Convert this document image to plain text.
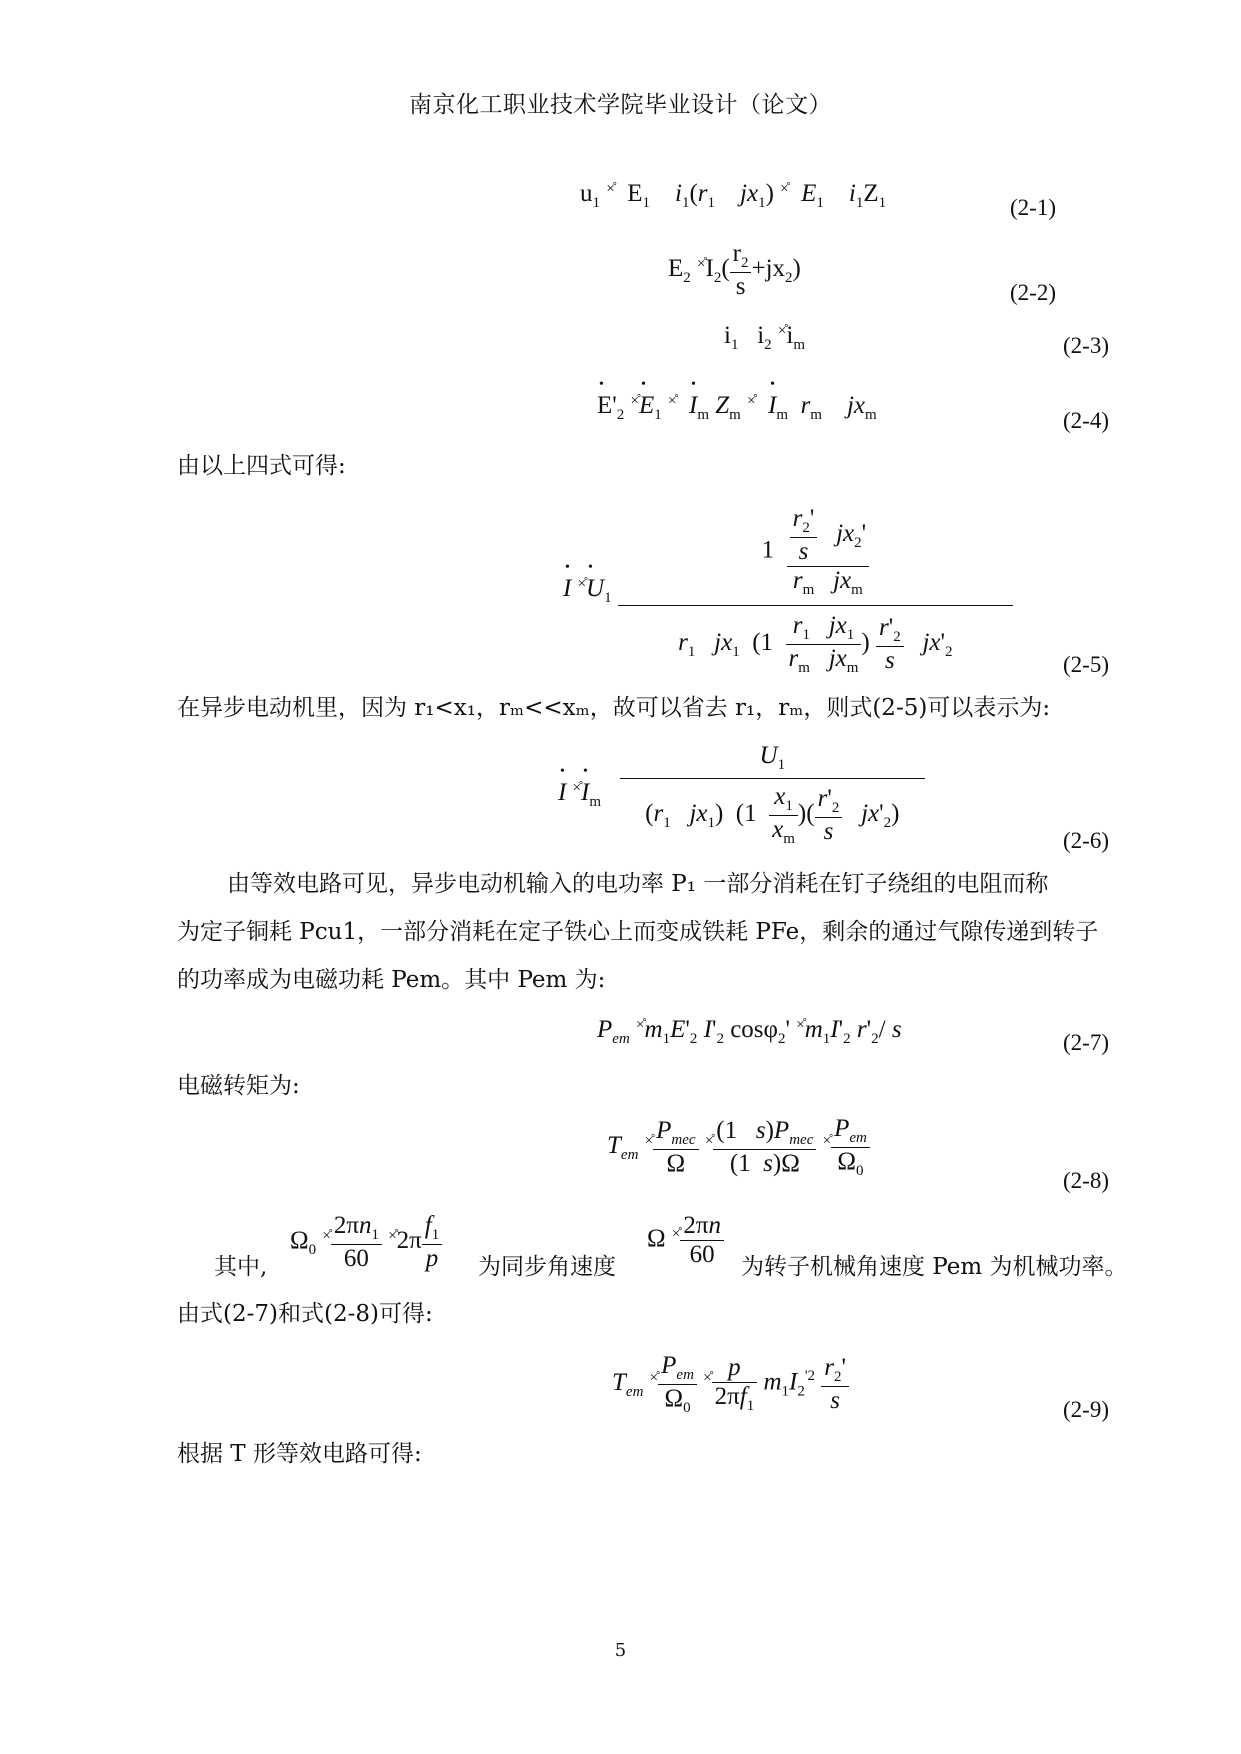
南京化工职业技术学院毕业设计（论文）
$u_1$ ×̊  $E_1$ $i_1(r_1$ $jx_1$) ×̊ $E_1$ $i_1Z_1$	(2-1)
$E_2$ $^{\times̊}I_2( \frac{r_2}{s} +jx_2)$
(2-2)
$i_1$   $i_2$ $^{\times̊}i_m$	(2-3)
• $E'_2$ ×̊• $E_1$ ×̊ • $I_m$ $Z_m$ ×̊ • $I_m$ $r_m$ $jx_m$	(2-4)
由以上四式可得:
• I ×̊• $U_1 \frac{1 \frac{\frac{r_2'}{s} jx_2'}{r_m jx_m}}{r_1 jx_1 (1 \frac{r_1 jx_1}{r_m jx_m} ) \frac{r'_2}{s} jx'_2} (2-5)$
在异步电动机里，因为 r₁<x₁，rₘ<<xₘ，故可以省去 r₁，rₘ，则式(2-5)可以表示为:
• I ×̊• $I_m \frac{U_1}{(r_1 jx_1) (1 \frac{x_1}{x_m} )( \frac{r'_2}{s} jx'_2)}$	(2-6)
由等效电路可见，异步电动机输入的电功率 P₁ 一部分消耗在钉子绕组的电阻而称
为定子铜耗 Pcu1，一部分消耗在定子铁心上而变成铁耗 PFe，剩余的通过气隙传递到转子
的功率成为电磁功耗 Pem。其中 Pem 为:
$P_{em}$ $^{\times̊}m_1E'_2$ $I'_2$ cosφ$_2$' $^{\times̊}m_1I'_2$ $r'_2/$ s	(2-7)
电磁转矩为:
$T_{em}$ $^{\times̊} \frac{P_{mec}}{\Omega} ^{\times̊} \frac{(1 s)P_{mec}}{(1 s)\Omega} ^{\times̊} \frac{P_{em}}{\Omega_0}$
(2-8)
其中,
$\Omega_0$ $^{\times̊} \frac{2\pi n_1}{60} ^{\times̊}2\pi \frac{f_1}{p}$ 为同步角速度
Ω $^{\times̊} \frac{2\pi n}{60}$ 为转子机械角速度 Pem 为机械功率。
由式(2-7)和式(2-8)可得:
$T_{em}$ $^{\times̊} \frac{P_{em}}{\Omega_0} ^{\times̊} \frac{p}{2\pi f_1} m_1I_2^{'2} \frac{r_2'}{s}$	(2-9)
根据 T 形等效电路可得:
5
